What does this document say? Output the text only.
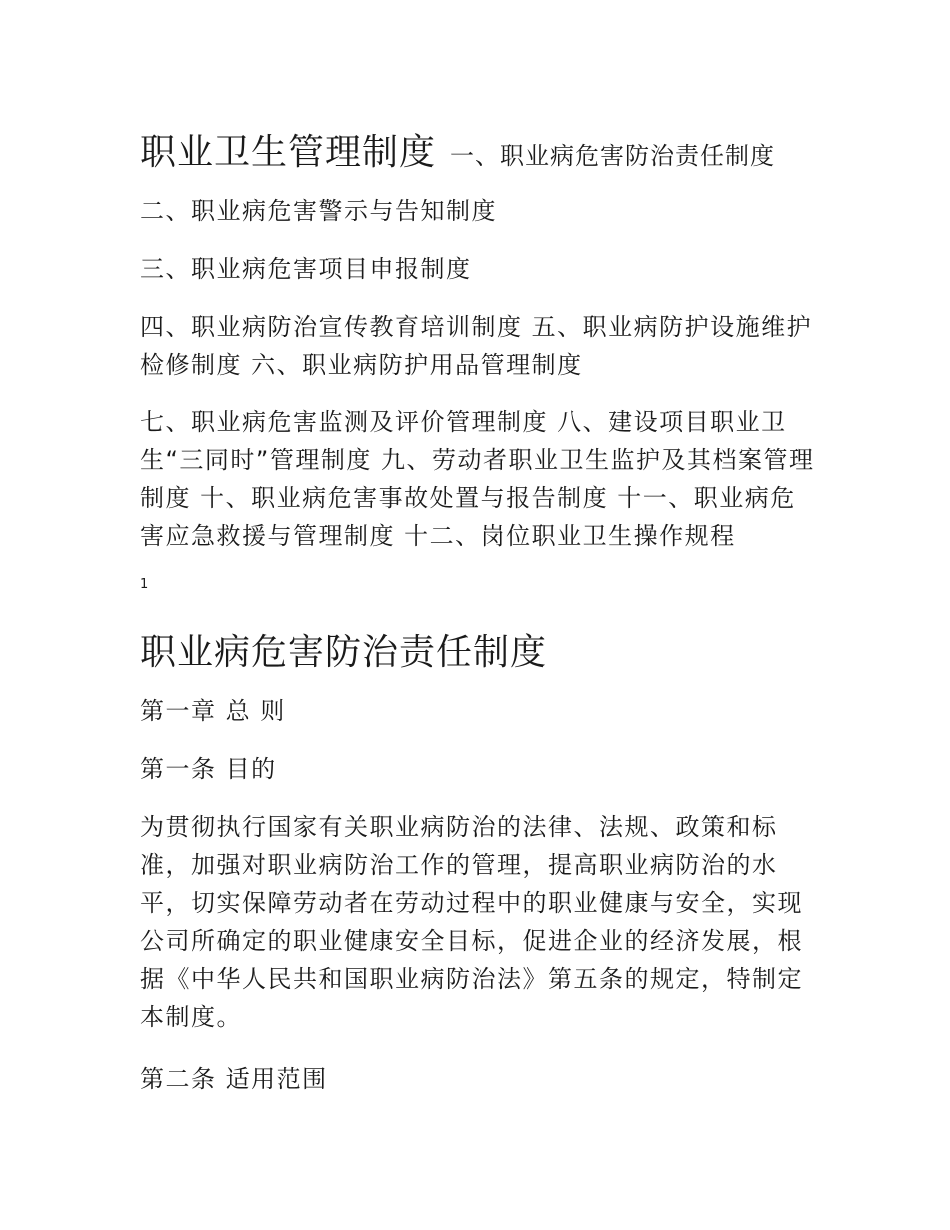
职业卫生管理制度 一、职业病危害防治责任制度

二、职业病危害警示与告知制度

三、职业病危害项目申报制度

四、职业病防治宣传教育培训制度 五、职业病防护设施维护检修制度 六、职业病防护用品管理制度

七、职业病危害监测及评价管理制度 八、建设项目职业卫生“三同时”管理制度 九、劳动者职业卫生监护及其档案管理制度 十、职业病危害事故处置与报告制度 十一、职业病危害应急救援与管理制度 十二、岗位职业卫生操作规程

1
职业病危害防治责任制度

第一章 总 则

第一条 目的

为贯彻执行国家有关职业病防治的法律、法规、政策和标准，加强对职业病防治工作的管理，提高职业病防治的水平，切实保障劳动者在劳动过程中的职业健康与安全，实现公司所确定的职业健康安全目标，促进企业的经济发展，根据《中华人民共和国职业病防治法》第五条的规定，特制定本制度。

第二条 适用范围
